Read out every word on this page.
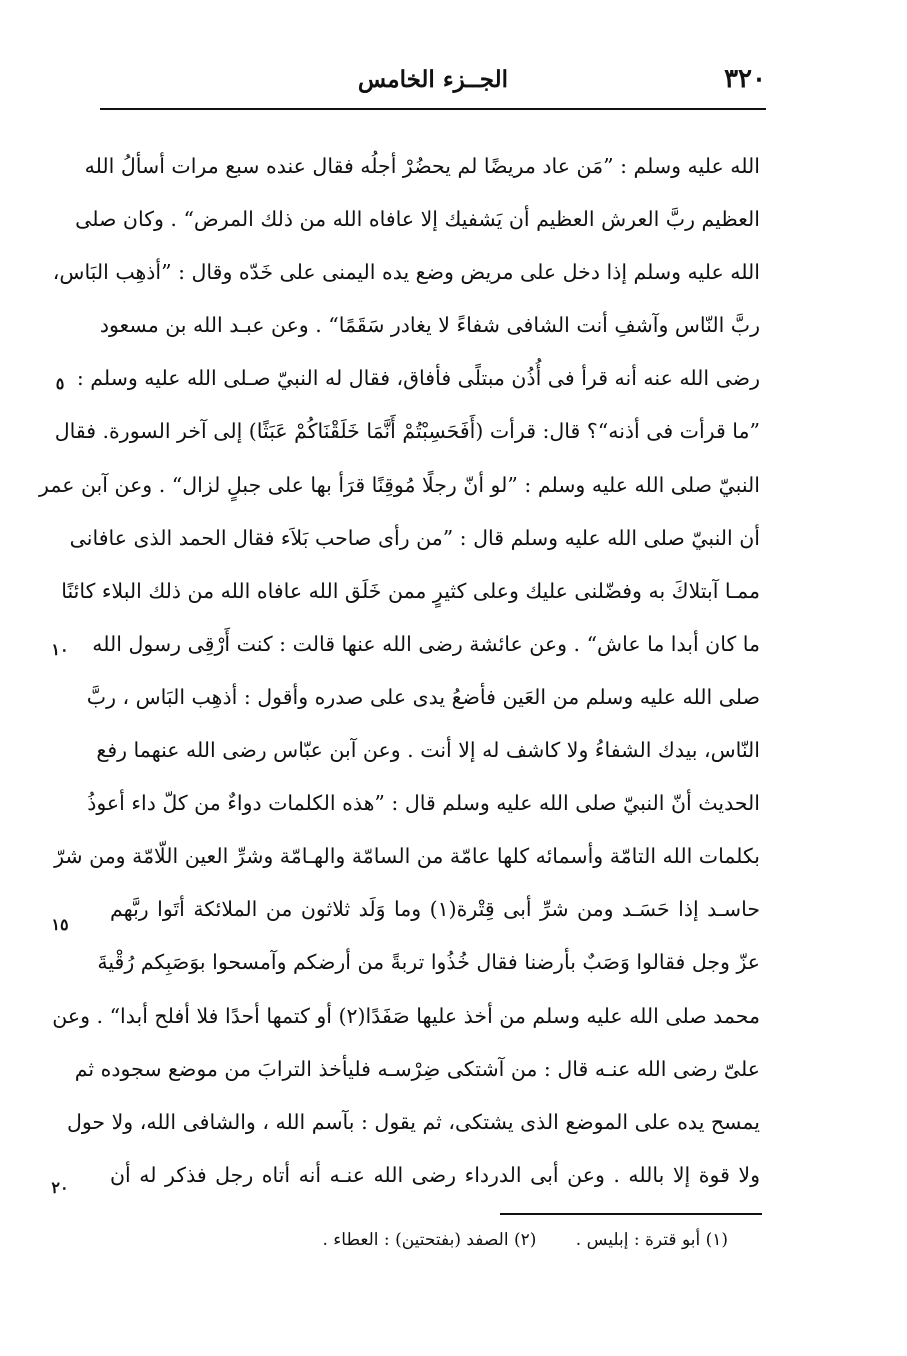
٣٢٠
الجــزء الخامس
الله عليه وسلم : ”مَن عاد مريضًا لم يحضُرْ أجلُه فقال عنده سبع مرات أسألُ الله
العظيم ربَّ العرش العظيم أن يَشفيك إلا عافاه الله من ذلك المرض“ . وكان صلى
الله عليه وسلم إذا دخل على مريض وضع يده اليمنى على خَدّه وقال : ”أذهِب البَاس،
ربَّ النّاس وآشفِ أنت الشافى شفاءً لا يغادر سَقَمًا“ . وعن عبـد الله بن مسعود
رضى الله عنه أنه قرأ فى أُذُن مبتلًى فأفاق، فقال له النبيّ صـلى الله عليه وسلم :
”ما قرأت فى أذنه“؟ قال: قرأت (أَفَحَسِبْتُمْ أَنَّمَا خَلَقْنَاكُمْ عَبَثًا) إلى آخر السورة. فقال
النبيّ صلى الله عليه وسلم : ”لو أنّ رجلًا مُوقِنًا قرَأ بها على جبلٍ لزال“ . وعن آبن عمر
أن النبيّ صلى الله عليه وسلم قال : ”من رأى صاحب بَلاَء فقال الحمد الذى عافانى
ممـا آبتلاكَ به وفضّلنى عليك وعلى كثيرٍ ممن خَلَق الله عافاه الله من ذلك البلاء كائنًا
ما كان أبدا ما عاش“ . وعن عائشة رضى الله عنها قالت : كنت أَرْقِى رسول الله
صلى الله عليه وسلم من العَين فأضعُ يدى على صدره وأقول : أذهِب البَاس ، ربَّ
النّاس، بيدك الشفاءُ ولا كاشف له إلا أنت . وعن آبن عبّاس رضى الله عنهما رفع
الحديث أنّ النبيّ صلى الله عليه وسلم قال : ”هذه الكلمات دواءٌ من كلّ داء أعوذُ
بكلمات الله التامّة وأسمائه كلها عامّة من السامّة والهـامّة وشرِّ العين اللّامّة ومن شرّ
حاسـد إذا حَسَـد ومن شرِّ أبى قِتْرة(١) وما وَلَد ثلاثون من الملائكة أتَوا ربَّهم
عزّ وجل فقالوا وَصَبٌ بأرضنا فقال خُذُوا تربةً من أرضكم وآمسحوا بوَصَبِكم رُقْيةَ
محمد صلى الله عليه وسلم من أخذ عليها صَفَدًا(٢) أو كتمها أحدًا فلا أفلح أبدا“ . وعن
علىّ رضى الله عنـه قال : من آشتكى ضِرْسـه فليأخذ الترابَ من موضع سجوده ثم
يمسح يده على الموضع الذى يشتكى، ثم يقول : بآسم الله ، والشافى الله، ولا حول
ولا قوة إلا بالله . وعن أبى الدرداء رضى الله عنـه أنه أتاه رجل فذكر له أن
٥
١٠
١٥
٢٠
(١) أبو قترة : إبليس . (٢) الصفد (بفتحتين) : العطاء .
